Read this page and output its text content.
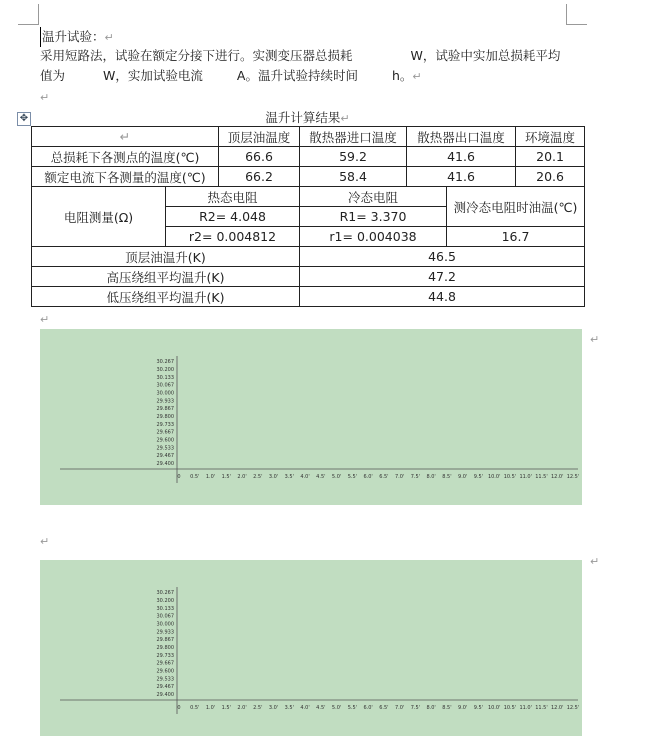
温升试验：↵
采用短路法，试验在额定分接下进行。实测变压器总损耗	W，试验中实加总损耗平均
值为	W，实加试验电流	A。温升试验持续时间	h。↵
↵
✥	温升计算结果↵
↵		顶层油温度	散热器进口温度	散热器出口温度		环境温度
总损耗下各测点的温度(℃)		66.6	59.2	41.6		20.1
额定电流下各测量的温度(℃)		66.2	58.4	41.6		20.6
电阻测量(Ω)	热态电阻		冷态电阻		测冷态电阻时油温(℃)	
	R2= 4.048		R1= 3.370			
	r2= 0.004812		r1= 0.004038		16.7	
顶层油温升(K)			46.5			
高压绕组平均温升(K)			47.2			
低压绕组平均温升(K)			44.8			
↵
29.400
29.467
29.533
29.600
29.667
29.733
29.800
29.867
29.933
30.000
30.067
30.133
30.200
30.267
0 0.5' 1.0' 1.5' 2.0' 2.5' 3.0' 3.5' 4.0' 4.5' 5.0' 5.5' 6.0' 6.5' 7.0' 7.5' 8.0' 8.5' 9.0' 9.5' 10.0' 10.5' 11.0' 11.5' 12.0' 12.5'
↵
↵
29.400
29.467
29.533
29.600
29.667
29.733
29.800
29.867
29.933
30.000
30.067
30.133
30.200
30.267
0 0.5' 1.0' 1.5' 2.0' 2.5' 3.0' 3.5' 4.0' 4.5' 5.0' 5.5' 6.0' 6.5' 7.0' 7.5' 8.0' 8.5' 9.0' 9.5' 10.0' 10.5' 11.0' 11.5' 12.0' 12.5'
↵
